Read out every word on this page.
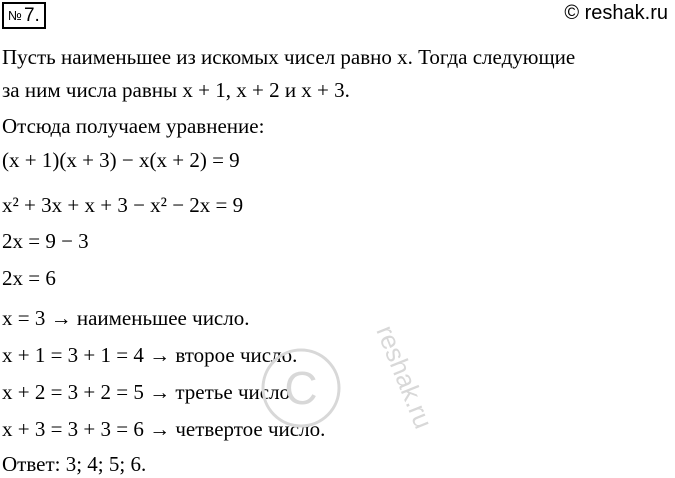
№ 7.	© reshak.ru
Пусть наименьшее из искомых чисел равно x. Тогда следующие
за ним числа равны x + 1, x + 2 и x + 3.
Отсюда получаем уравнение:
(x + 1)(x + 3) − x(x + 2) = 9
x² + 3x + x + 3 − x² − 2x = 9
2x = 9 − 3
2x = 6
x = 3 → наименьшее число.
x + 1 = 3 + 1 = 4 → второе число.
x + 2 = 3 + 2 = 5 → третье число.
x + 3 = 3 + 3 = 6 → четвертое число.
Ответ: 3; 4; 5; 6.
C reshak.ru
